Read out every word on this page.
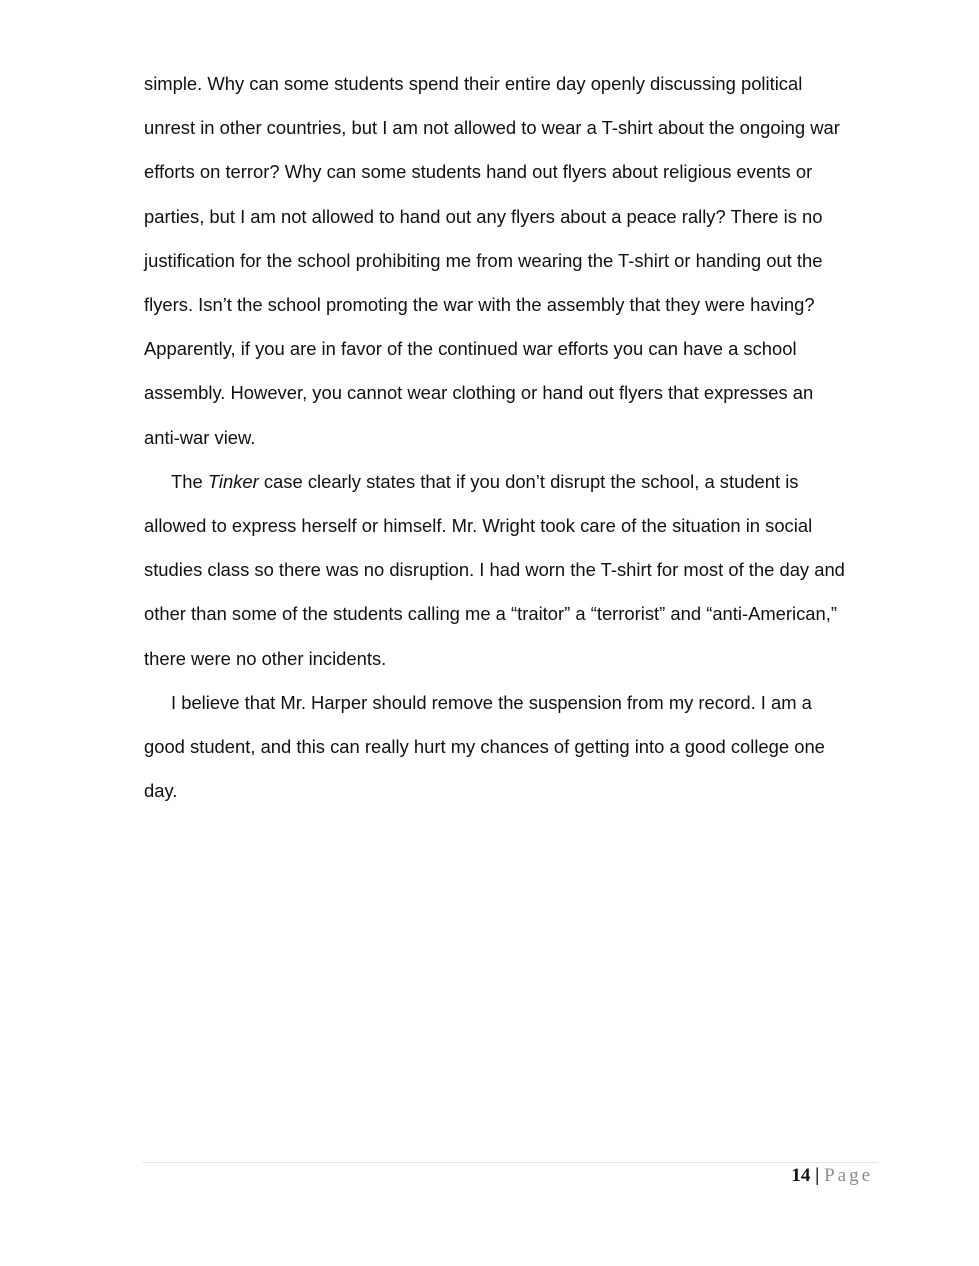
simple. Why can some students spend their entire day openly discussing political

unrest in other countries, but I am not allowed to wear a T-shirt about the ongoing war

efforts on terror? Why can some students hand out flyers about religious events or

parties, but I am not allowed to hand out any flyers about a peace rally? There is no

justification for the school prohibiting me from wearing the T-shirt or handing out the

flyers. Isn’t the school promoting the war with the assembly that they were having?

Apparently, if you are in favor of the continued war efforts you can have a school

assembly. However, you cannot wear clothing or hand out flyers that expresses an

anti-war view.

The Tinker case clearly states that if you don’t disrupt the school, a student is

allowed to express herself or himself. Mr. Wright took care of the situation in social

studies class so there was no disruption. I had worn the T-shirt for most of the day and

other than some of the students calling me a “traitor” a “terrorist” and “anti-American,”

there were no other incidents.

I believe that Mr. Harper should remove the suspension from my record. I am a

good student, and this can really hurt my chances of getting into a good college one

day.

14 | Page
